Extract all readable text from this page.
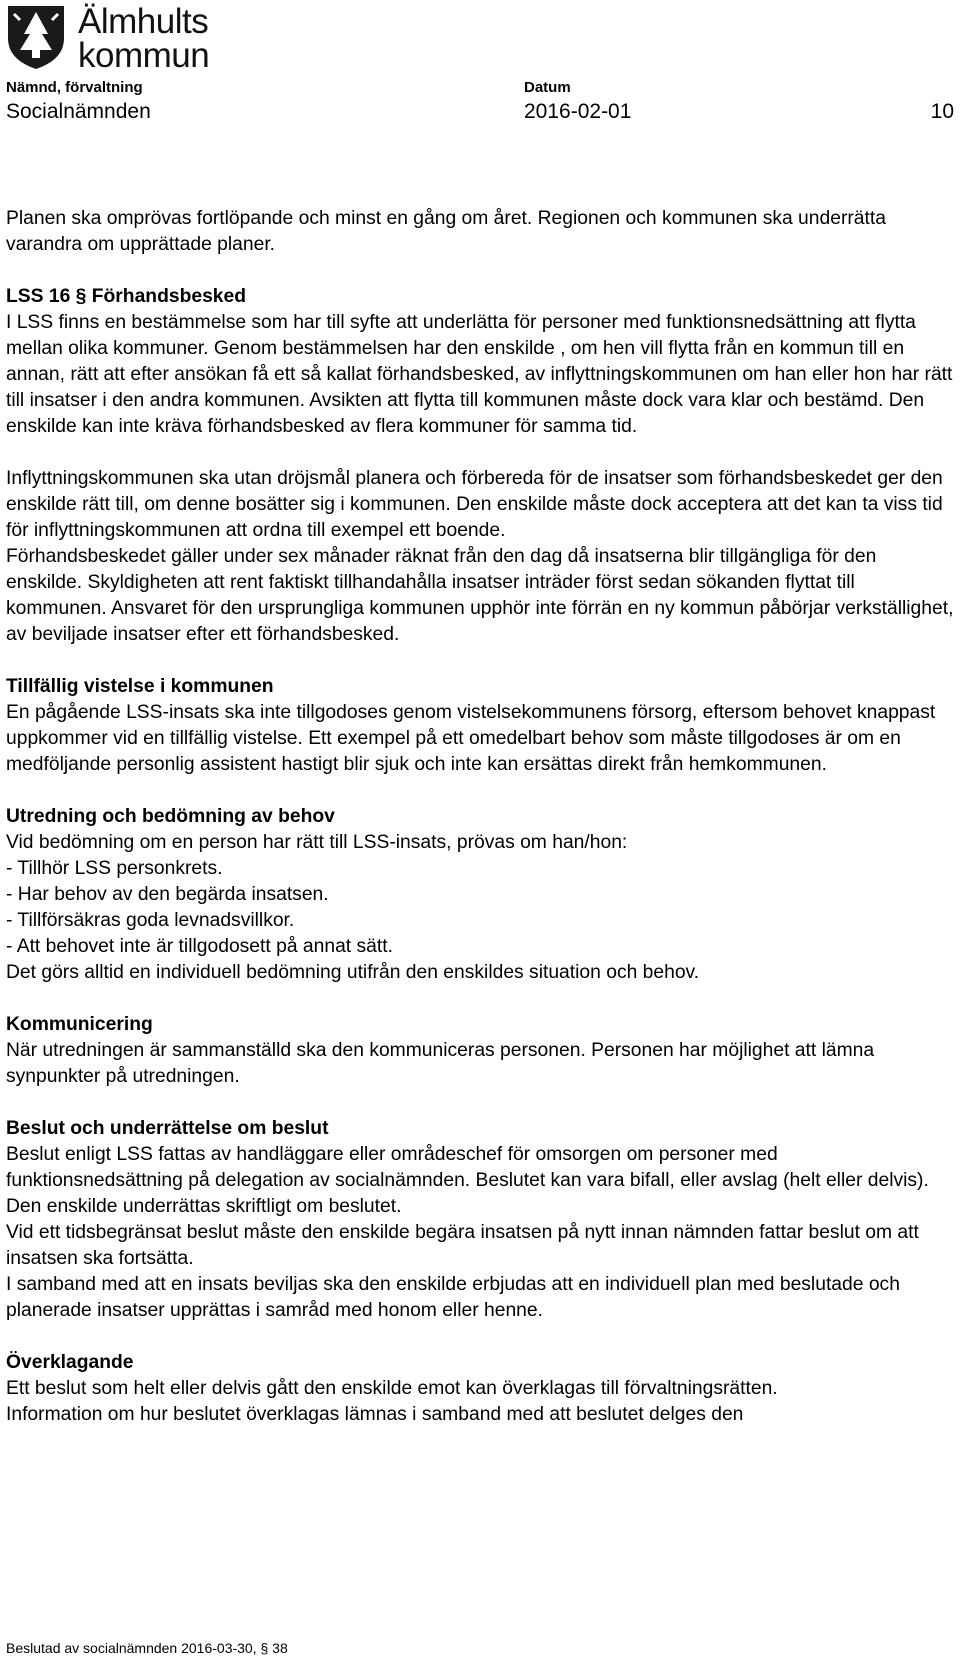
Älmhults
kommun
Nämnd, förvaltning
Socialnämnden
Datum
2016-02-01	10

Planen ska omprövas fortlöpande och minst en gång om året. Regionen och kommunen ska underrätta varandra om upprättade planer.

LSS 16 § Förhandsbesked

I LSS finns en bestämmelse som har till syfte att underlätta för personer med funktionsnedsättning att flytta mellan olika kommuner. Genom bestämmelsen har den enskilde , om hen vill flytta från en kommun till en annan, rätt att efter ansökan få ett så kallat förhandsbesked, av inflyttningskommunen om han eller hon har rätt till insatser i den andra kommunen. Avsikten att flytta till kommunen måste dock vara klar och bestämd. Den enskilde kan inte kräva förhandsbesked av flera kommuner för samma tid.

Inflyttningskommunen ska utan dröjsmål planera och förbereda för de insatser som förhandsbeskedet ger den enskilde rätt till, om denne bosätter sig i kommunen. Den enskilde måste dock acceptera att det kan ta viss tid för inflyttningskommunen att ordna till exempel ett boende.

Förhandsbeskedet gäller under sex månader räknat från den dag då insatserna blir tillgängliga för den enskilde. Skyldigheten att rent faktiskt tillhandahålla insatser inträder först sedan sökanden flyttat till kommunen. Ansvaret för den ursprungliga kommunen upphör inte förrän en ny kommun påbörjar verkställighet, av beviljade insatser efter ett förhandsbesked.

Tillfällig vistelse i kommunen

En pågående LSS-insats ska inte tillgodoses genom vistelsekommunens försorg, eftersom behovet knappast uppkommer vid en tillfällig vistelse. Ett exempel på ett omedelbart behov som måste tillgodoses är om en medföljande personlig assistent hastigt blir sjuk och inte kan ersättas direkt från hemkommunen.

Utredning och bedömning av behov

Vid bedömning om en person har rätt till LSS-insats, prövas om han/hon:

- Tillhör LSS personkrets.

- Har behov av den begärda insatsen.

- Tillförsäkras goda levnadsvillkor.

- Att behovet inte är tillgodosett på annat sätt.

Det görs alltid en individuell bedömning utifrån den enskildes situation och behov.

Kommunicering

När utredningen är sammanställd ska den kommuniceras personen. Personen har möjlighet att lämna synpunkter på utredningen.

Beslut och underrättelse om beslut

Beslut enligt LSS fattas av handläggare eller områdeschef för omsorgen om personer med funktionsnedsättning på delegation av socialnämnden. Beslutet kan vara bifall, eller avslag (helt eller delvis).

Den enskilde underrättas skriftligt om beslutet.

Vid ett tidsbegränsat beslut måste den enskilde begära insatsen på nytt innan nämnden fattar beslut om att insatsen ska fortsätta.

I samband med att en insats beviljas ska den enskilde erbjudas att en individuell plan med beslutade och planerade insatser upprättas i samråd med honom eller henne.

Överklagande

Ett beslut som helt eller delvis gått den enskilde emot kan överklagas till förvaltningsrätten.

Information om hur beslutet överklagas lämnas i samband med att beslutet delges den

Beslutad av socialnämnden 2016-03-30, § 38
